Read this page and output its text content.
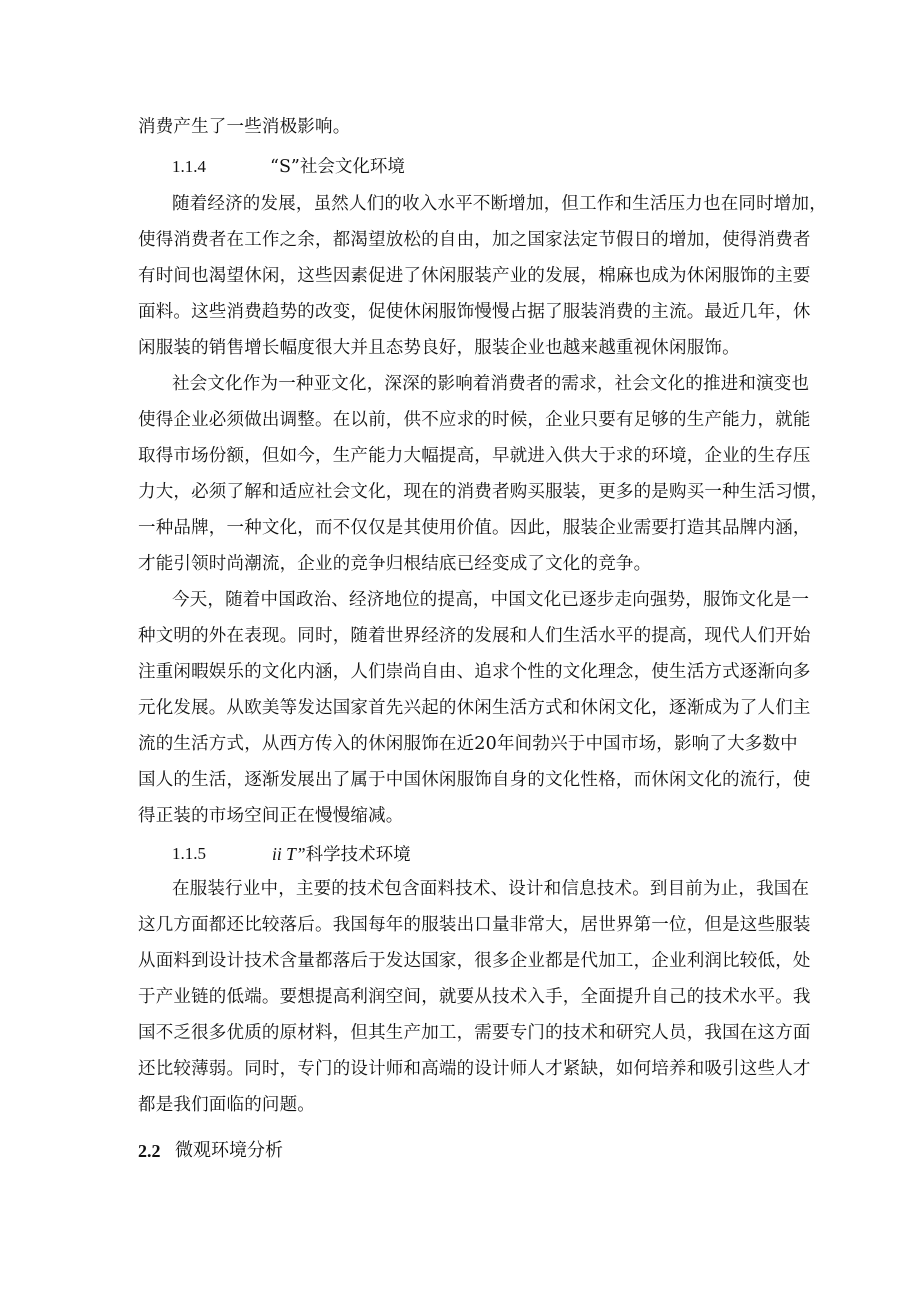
消费产生了一些消极影响。
1.1.4	“S”社会文化环境
随着经济的发展，虽然人们的收入水平不断增加，但工作和生活压力也在同时增加，
使得消费者在工作之余，都渴望放松的自由，加之国家法定节假日的增加，使得消费者
有时间也渴望休闲，这些因素促进了休闲服装产业的发展，棉麻也成为休闲服饰的主要
面料。这些消费趋势的改变，促使休闲服饰慢慢占据了服装消费的主流。最近几年，休
闲服装的销售增长幅度很大并且态势良好，服装企业也越来越重视休闲服饰。
社会文化作为一种亚文化，深深的影响着消费者的需求，社会文化的推进和演变也
使得企业必须做出调整。在以前，供不应求的时候，企业只要有足够的生产能力，就能
取得市场份额，但如今，生产能力大幅提高，早就进入供大于求的环境，企业的生存压
力大，必须了解和适应社会文化，现在的消费者购买服装，更多的是购买一种生活习惯，
一种品牌，一种文化，而不仅仅是其使用价值。因此，服装企业需要打造其品牌内涵，
才能引领时尚潮流，企业的竞争归根结底已经变成了文化的竞争。
今天，随着中国政治、经济地位的提高，中国文化已逐步走向强势，服饰文化是一
种文明的外在表现。同时，随着世界经济的发展和人们生活水平的提高，现代人们开始
注重闲暇娱乐的文化内涵，人们崇尚自由、追求个性的文化理念，使生活方式逐渐向多
元化发展。从欧美等发达国家首先兴起的休闲生活方式和休闲文化，逐渐成为了人们主
流的生活方式，从西方传入的休闲服饰在近20年间勃兴于中国市场，影响了大多数中
国人的生活，逐渐发展出了属于中国休闲服饰自身的文化性格，而休闲文化的流行，使
得正装的市场空间正在慢慢缩减。
1.1.5	ii T”科学技术环境
在服装行业中，主要的技术包含面料技术、设计和信息技术。到目前为止，我国在
这几方面都还比较落后。我国每年的服装出口量非常大，居世界第一位，但是这些服装
从面料到设计技术含量都落后于发达国家，很多企业都是代加工，企业利润比较低，处
于产业链的低端。要想提高利润空间，就要从技术入手，全面提升自己的技术水平。我
国不乏很多优质的原材料，但其生产加工，需要专门的技术和研究人员，我国在这方面
还比较薄弱。同时，专门的设计师和高端的设计师人才紧缺，如何培养和吸引这些人才
都是我们面临的问题。
2.2 微观环境分析
